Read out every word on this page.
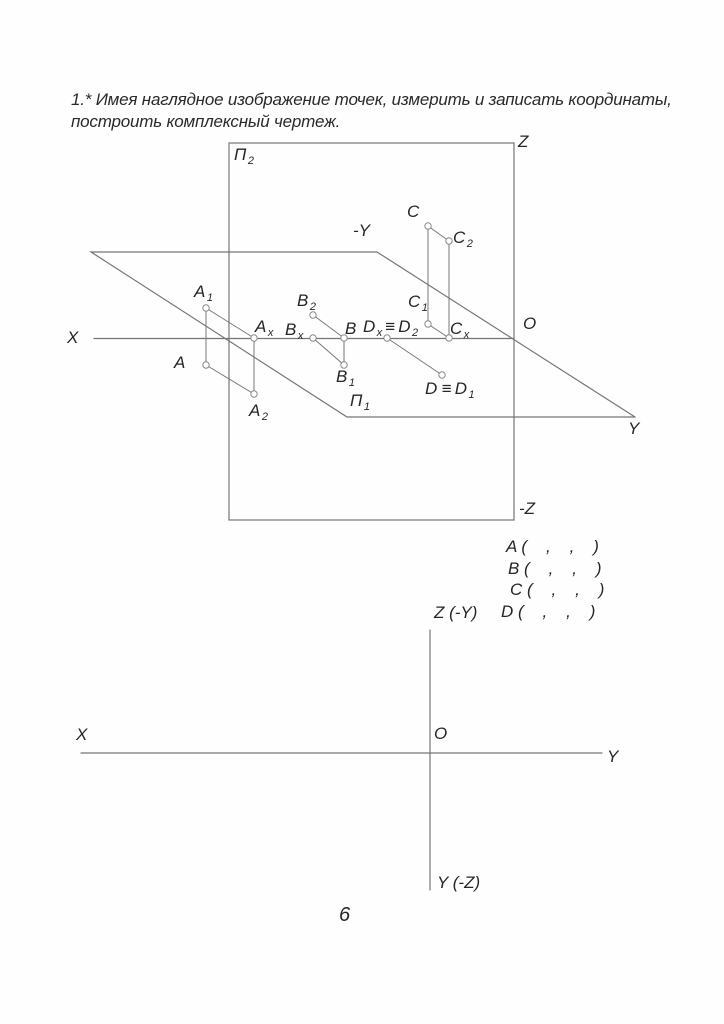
1.* Имея наглядное изображение точек, измерить и записать координаты,
построить комплексный чертеж.
П $_2$
Z
-Y
C
C $_2$
A $_1$	B $_2$	C $_1$
A $_x$ B $_x$ B D $_x$ ≡ D $_2$ C $_x$
O
X
A
B $_1$	D ≡ D $_1$
A $_2$
П $_1$
Y
-Z
A (    ,    ,    )
B (    ,    ,    )
C (    ,    ,    )
D (    ,    ,    )
Z (-Y)
X	O
Y
Y (-Z)
6
